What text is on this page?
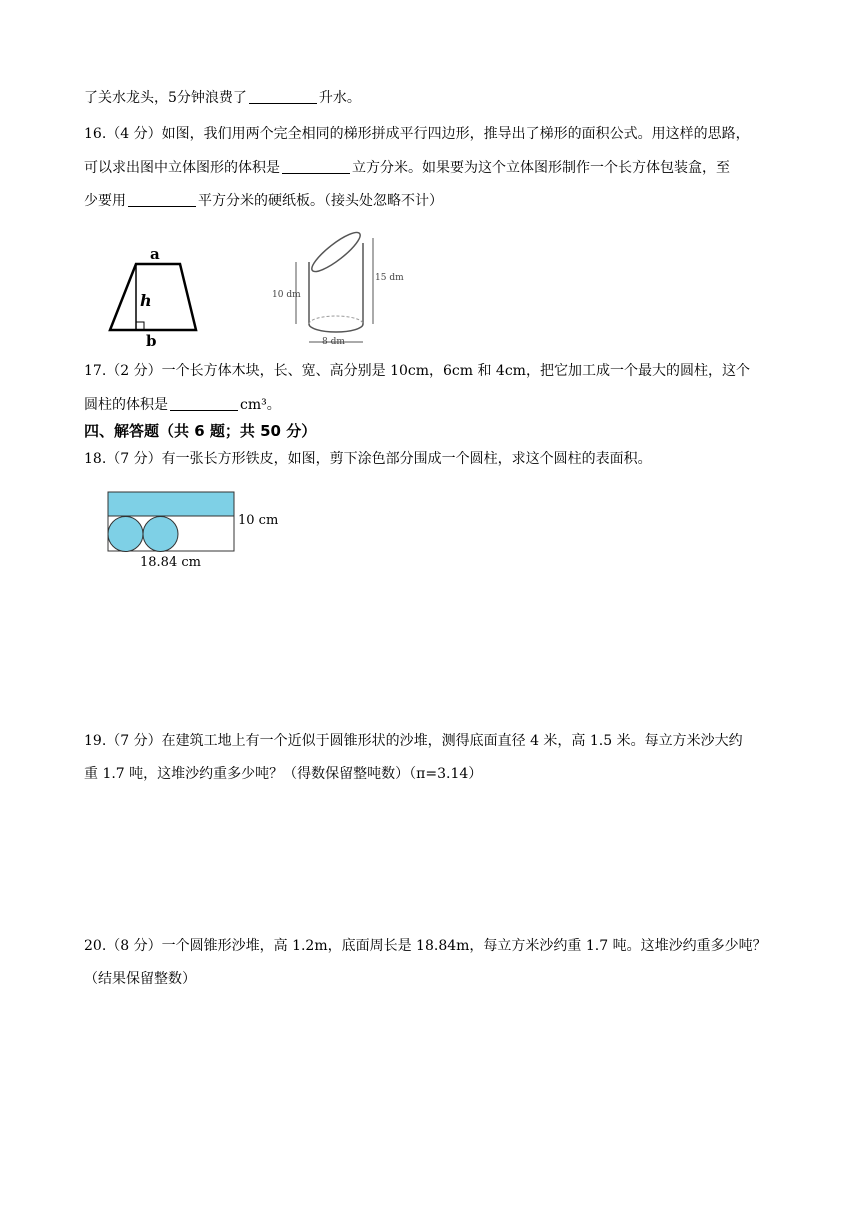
了关水龙头，5分钟浪费了	升水。
16.（4 分）如图，我们用两个完全相同的梯形拼成平行四边形，推导出了梯形的面积公式。用这样的思路，
可以求出图中立体图形的体积是	立方分米。如果要为这个立体图形制作一个长方体包装盒，至
少要用	平方分米的硬纸板。（接头处忽略不计）
a
h
b
10 dm
15 dm
8 dm
17.（2 分）一个长方体木块，长、宽、高分别是 10cm，6cm 和 4cm，把它加工成一个最大的圆柱，这个
圆柱的体积是	cm³。
四、解答题（共 6 题；共 50 分）
18.（7 分）有一张长方形铁皮，如图，剪下涂色部分围成一个圆柱，求这个圆柱的表面积。
10 cm
18.84 cm
19.（7 分）在建筑工地上有一个近似于圆锥形状的沙堆，测得底面直径 4 米，高 1.5 米。每立方米沙大约
重 1.7 吨，这堆沙约重多少吨？（得数保留整吨数）（π=3.14）
20.（8 分）一个圆锥形沙堆，高 1.2m，底面周长是 18.84m，每立方米沙约重 1.7 吨。这堆沙约重多少吨？
（结果保留整数）
